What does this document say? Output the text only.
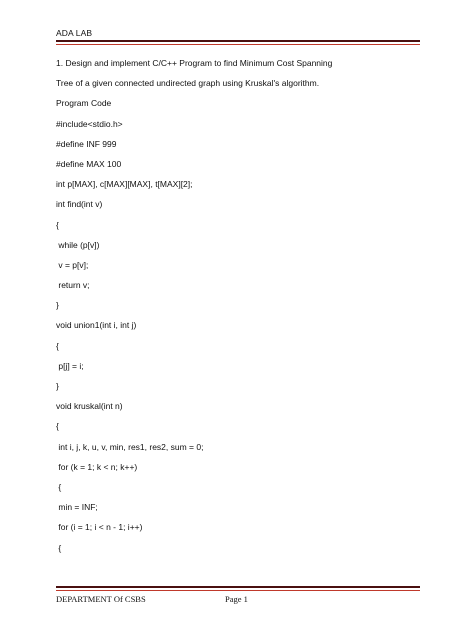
ADA LAB
1. Design and implement C/C++ Program to find Minimum Cost Spanning
Tree of a given connected undirected graph using Kruskal's algorithm.
Program Code
#include<stdio.h>
#define INF 999
#define MAX 100
int p[MAX], c[MAX][MAX], t[MAX][2];
int find(int v)
{
while (p[v])
v = p[v];
return v;
}
void union1(int i, int j)
{
p[j] = i;
}
void kruskal(int n)
{
int i, j, k, u, v, min, res1, res2, sum = 0;
for (k = 1; k < n; k++)
{
min = INF;
for (i = 1; i < n - 1; i++)
{
DEPARTMENT Of CSBS	Page 1
